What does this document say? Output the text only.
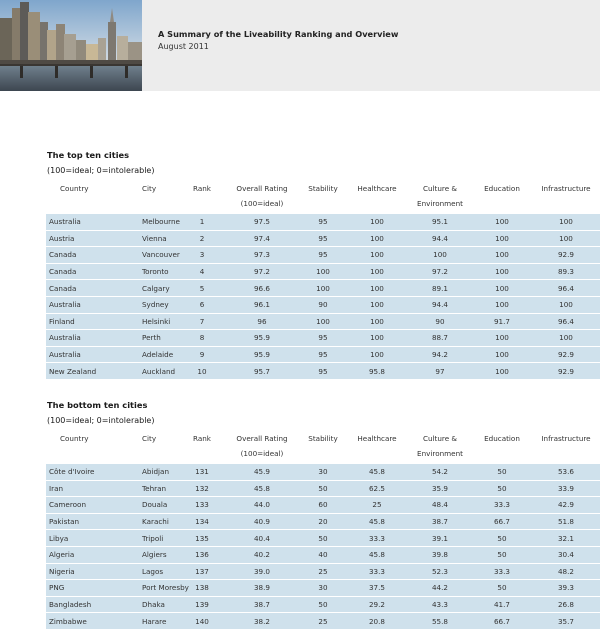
A Summary of the Liveability Ranking and Overview
August 2011
The top ten cities
(100=ideal; 0=intolerable)
Country	City	Rank	Overall Rating
(100=ideal)	Stability	Healthcare	Culture &
Environment	Education	Infrastructure
Australia	Melbourne	1	97.5	95	100	95.1	100	100
Austria	Vienna	2	97.4	95	100	94.4	100	100
Canada	Vancouver	3	97.3	95	100	100	100	92.9
Canada	Toronto	4	97.2	100	100	97.2	100	89.3
Canada	Calgary	5	96.6	100	100	89.1	100	96.4
Australia	Sydney	6	96.1	90	100	94.4	100	100
Finland	Helsinki	7	96	100	100	90	91.7	96.4
Australia	Perth	8	95.9	95	100	88.7	100	100
Australia	Adelaide	9	95.9	95	100	94.2	100	92.9
New Zealand	Auckland	10	95.7	95	95.8	97	100	92.9
The bottom ten cities
(100=ideal; 0=intolerable)
Country	City	Rank	Overall Rating
(100=ideal)	Stability	Healthcare	Culture &
Environment	Education	Infrastructure
Côte d'Ivoire	Abidjan	131	45.9	30	45.8	54.2	50	53.6
Iran	Tehran	132	45.8	50	62.5	35.9	50	33.9
Cameroon	Douala	133	44.0	60	25	48.4	33.3	42.9
Pakistan	Karachi	134	40.9	20	45.8	38.7	66.7	51.8
Libya	Tripoli	135	40.4	50	33.3	39.1	50	32.1
Algeria	Algiers	136	40.2	40	45.8	39.8	50	30.4
Nigeria	Lagos	137	39.0	25	33.3	52.3	33.3	48.2
PNG	Port Moresby	138	38.9	30	37.5	44.2	50	39.3
Bangladesh	Dhaka	139	38.7	50	29.2	43.3	41.7	26.8
Zimbabwe	Harare	140	38.2	25	20.8	55.8	66.7	35.7
